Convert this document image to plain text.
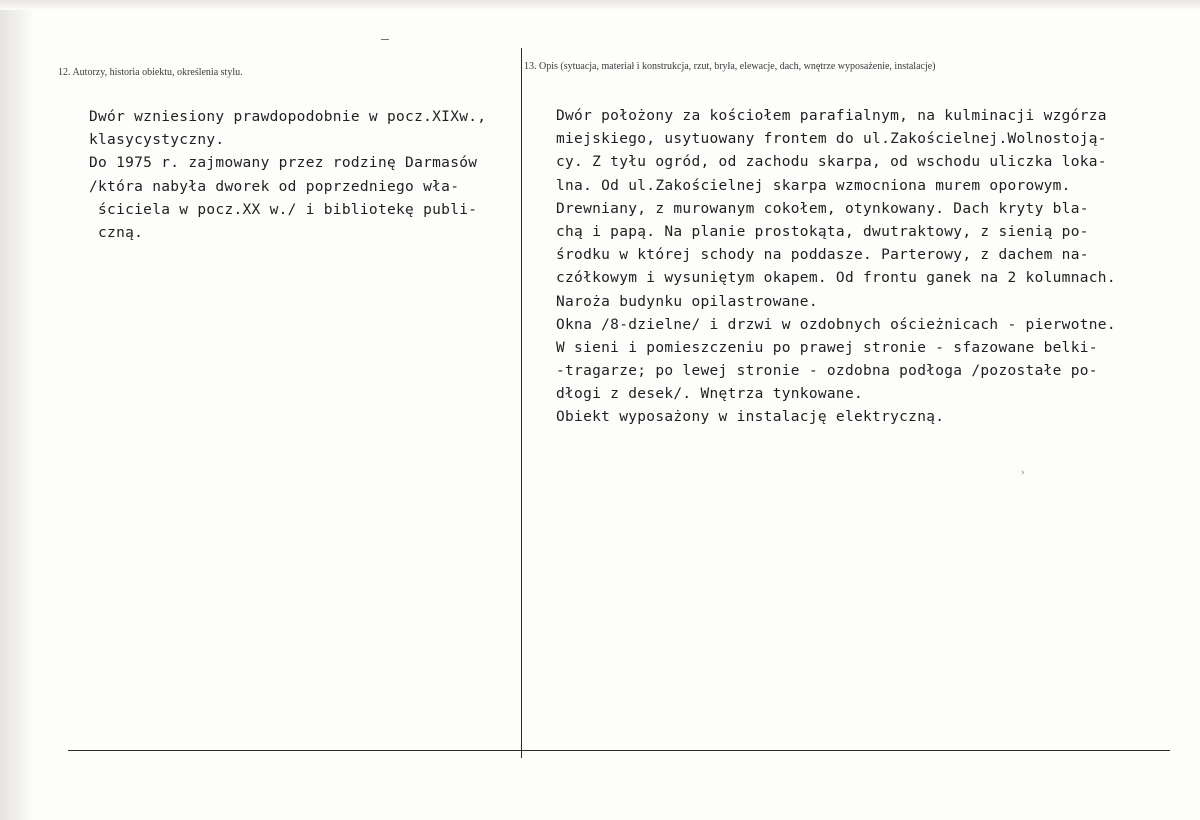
12. Autorzy, historia obiektu, określenia stylu.
13. Opis (sytuacja, materiał i konstrukcja, rzut, bryła, elewacje, dach, wnętrze wyposażenie, instalacje)
Dwór wzniesiony prawdopodobnie w pocz.XIXw.,
klasycystyczny.
Do 1975 r. zajmowany przez rodzinę Darmasów
/która nabyła dworek od poprzedniego wła-
ściciela w pocz.XX w./ i bibliotekę publi-
czną.
Dwór położony za kościołem parafialnym, na kulminacji wzgórza
miejskiego, usytuowany frontem do ul.Zakościelnej.Wolnostoją-
cy. Z tyłu ogród, od zachodu skarpa, od wschodu uliczka loka-
lna. Od ul.Zakościelnej skarpa wzmocniona murem oporowym.
Drewniany, z murowanym cokołem, otynkowany. Dach kryty bla-
chą i papą. Na planie prostokąta, dwutraktowy, z sienią po-
środku w której schody na poddasze. Parterowy, z dachem na-
czółkowym i wysuniętym okapem. Od frontu ganek na 2 kolumnach.
Naroża budynku opilastrowane.
Okna /8-dzielne/ i drzwi w ozdobnych ościeżnicach - pierwotne.
W sieni i pomieszczeniu po prawej stronie - sfazowane belki-
-tragarze; po lewej stronie - ozdobna podłoga /pozostałe po-
dłogi z desek/. Wnętrza tynkowane.
Obiekt wyposażony w instalację elektryczną.
›
